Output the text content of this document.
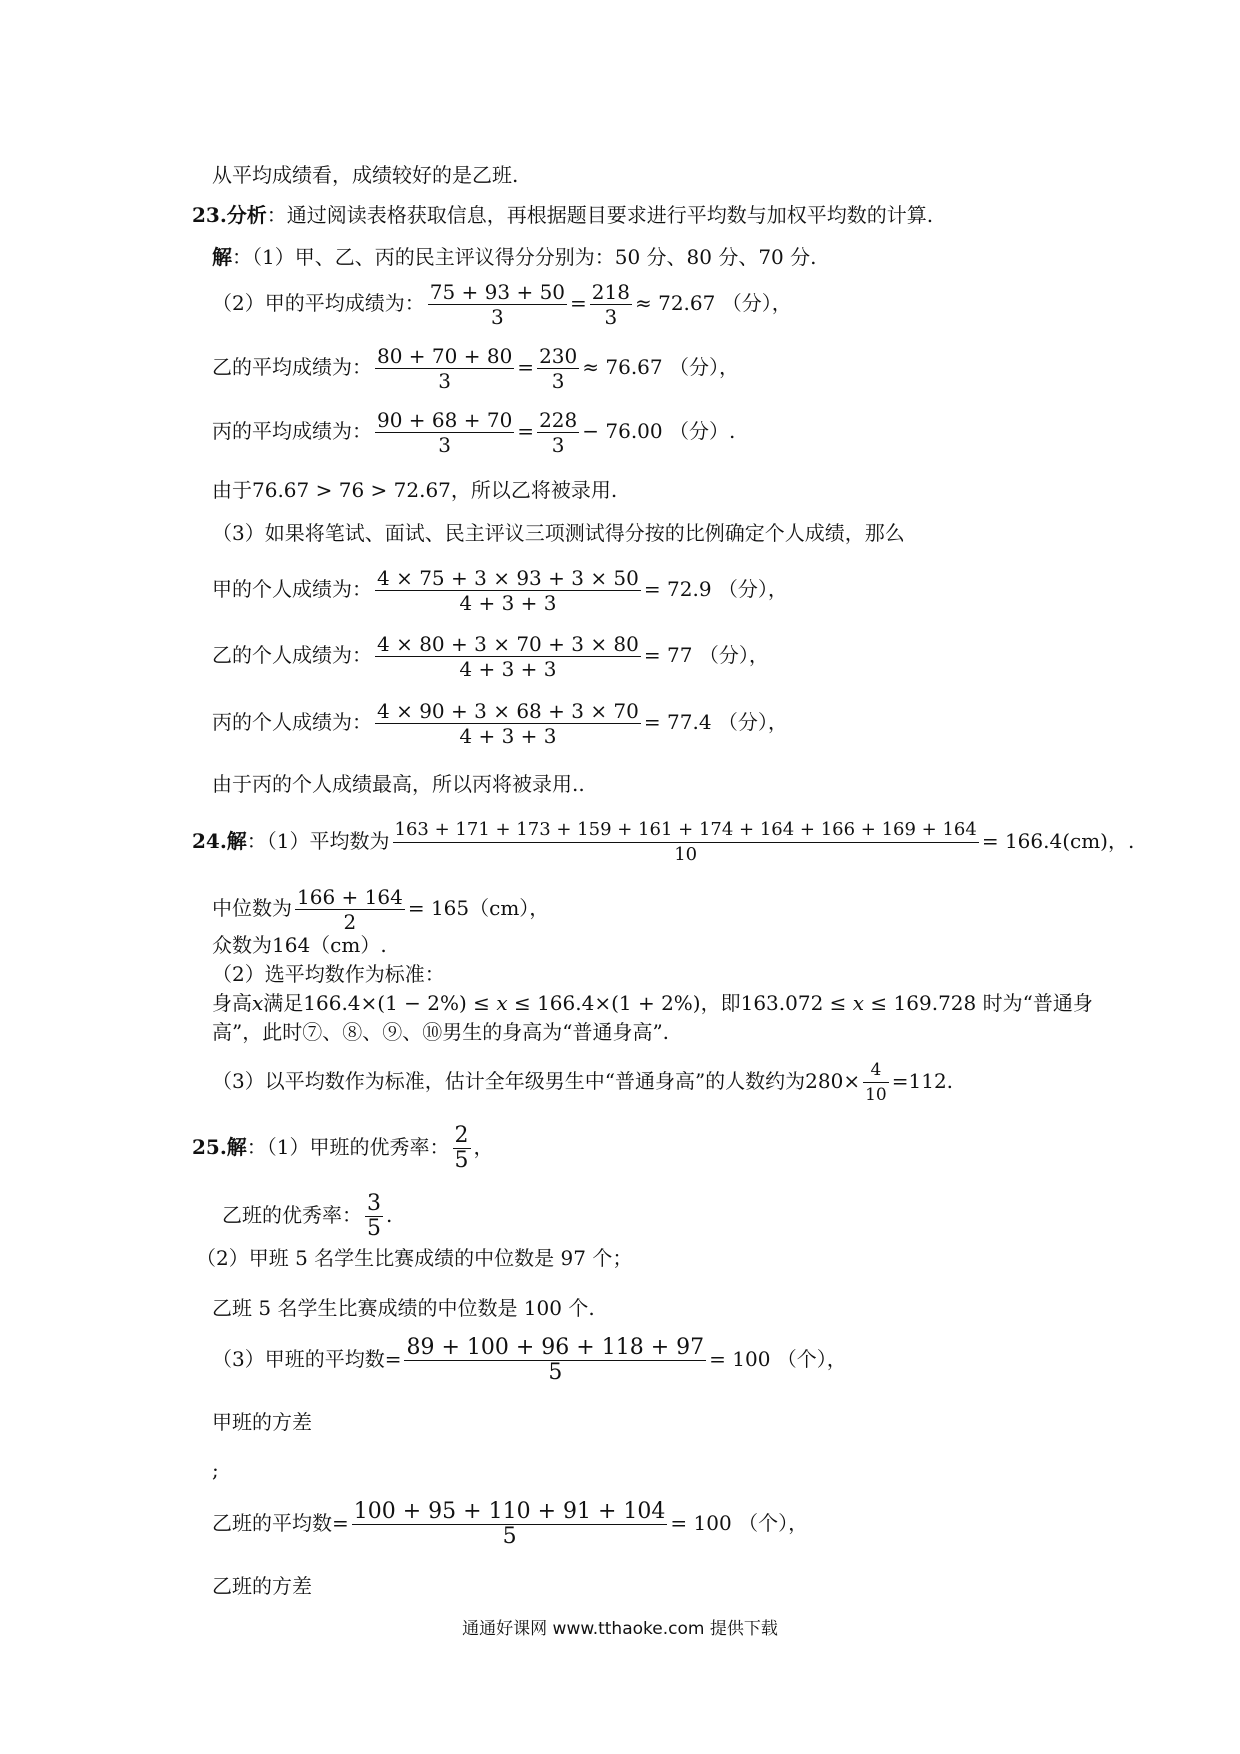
从平均成绩看，成绩较好的是乙班.
23.分析：通过阅读表格获取信息，再根据题目要求进行平均数与加权平均数的计算.
解：（1）甲、乙、丙的民主评议得分分别为：50 分、80 分、70 分.
（2）甲的平均成绩为： $\frac{75 + 93 + 50}{3} = \frac{218}{3} \approx 72.67$ （分），
乙的平均成绩为： $\frac{80 + 70 + 80}{3} = \frac{230}{3} \approx 76.67$ （分），
丙的平均成绩为： $\frac{90 + 68 + 70}{3} = \frac{228}{3} - 76.00$ （分）.
由于76.67 > 76 > 72.67，所以乙将被录用.
（3）如果将笔试、面试、民主评议三项测试得分按的比例确定个人成绩，那么
甲的个人成绩为： $\frac{4 \times 75 + 3 \times 93 + 3 \times 50}{4 + 3 + 3} = 72.9$ （分），
乙的个人成绩为： $\frac{4 \times 80 + 3 \times 70 + 3 \times 80}{4 + 3 + 3} = 77$ （分），
丙的个人成绩为： $\frac{4 \times 90 + 3 \times 68 + 3 \times 70}{4 + 3 + 3} = 77.4$ （分），
由于丙的个人成绩最高，所以丙将被录用..
24.解：（1）平均数为 $\frac{163 + 171 + 173 + 159 + 161 + 174 + 164 + 166 + 169 + 164}{10} = 166.4(cm)$，.
中位数为 $\frac{166 + 164}{2} = 165(cm)$，
众数为164（cm）.
（2）选平均数作为标准：
身高x满足166.4×(1 − 2%) ≤ x ≤ 166.4×(1 + 2%)，即163.072 ≤ x ≤ 169.728 时为“普通身
高”，此时⑦、⑧、⑨、⑩男生的身高为“普通身高”.
（3）以平均数作为标准，估计全年级男生中“普通身高”的人数约为$280\times \frac{4}{10} =112$.
25.解：（1）甲班的优秀率： $\frac{2}{5}$ ，
乙班的优秀率： $\frac{3}{5}$ .
（2）甲班 5 名学生比赛成绩的中位数是 97 个；
乙班 5 名学生比赛成绩的中位数是 100 个.
（3）甲班的平均数= $\frac{89 + 100 + 96 + 118 + 97}{5} = 100$ （个），
甲班的方差
;
乙班的平均数= $\frac{100 + 95 + 110 + 91 + 104}{5} = 100$ （个），
乙班的方差
通通好课网 www.tthaoke.com 提供下载
